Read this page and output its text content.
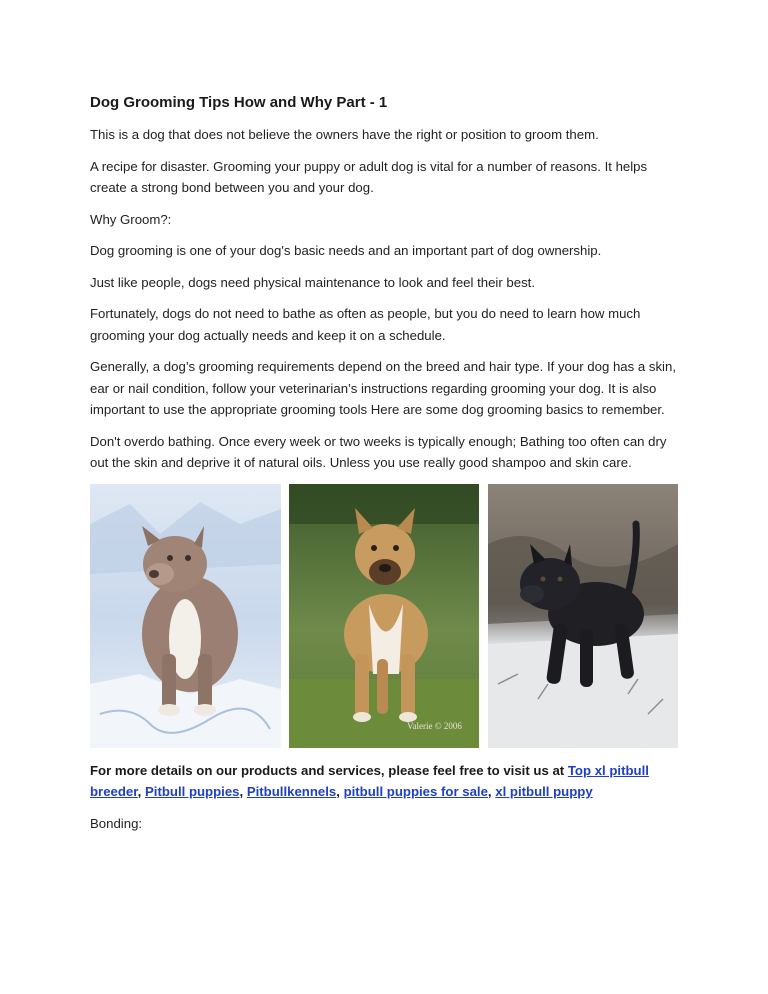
Dog Grooming Tips How and Why Part - 1

This is a dog that does not believe the owners have the right or position to groom them.

A recipe for disaster. Grooming your puppy or adult dog is vital for a number of reasons. It helps create a strong bond between you and your dog.

Why Groom?:

Dog grooming is one of your dog's basic needs and an important part of dog ownership.

Just like people, dogs need physical maintenance to look and feel their best.

Fortunately, dogs do not need to bathe as often as people, but you do need to learn how much grooming your dog actually needs and keep it on a schedule.

Generally, a dog’s grooming requirements depend on the breed and hair type. If your dog has a skin, ear or nail condition, follow your veterinarian’s instructions regarding grooming your dog. It is also important to use the appropriate grooming tools Here are some dog grooming basics to remember.

Don't overdo bathing. Once every week or two weeks is typically enough; Bathing too often can dry out the skin and deprive it of natural oils. Unless you use really good shampoo and skin care.

Valerie © 2006

For more details on our products and services, please feel free to visit us at Top xl pitbull breeder, Pitbull puppies, Pitbullkennels, pitbull puppies for sale, xl pitbull puppy

Bonding:
